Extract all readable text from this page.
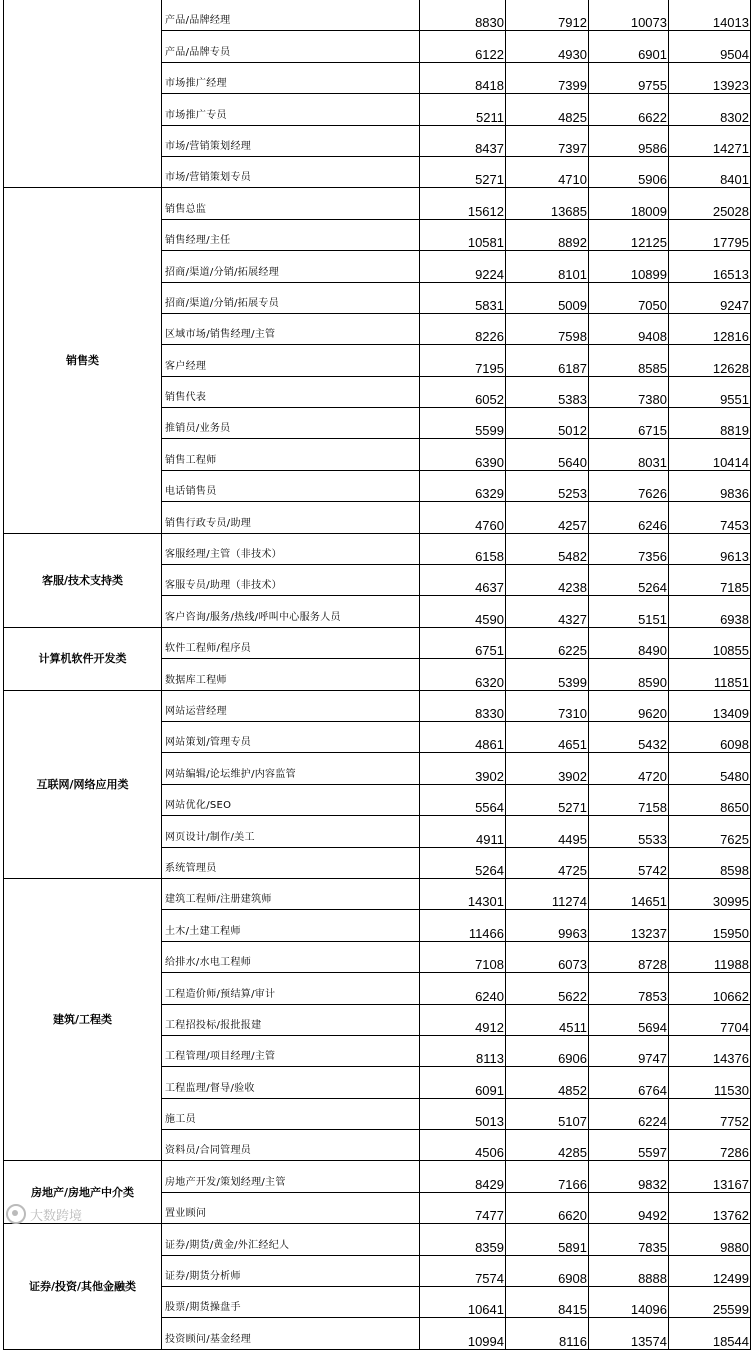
	产品/品牌经理	8830	7912	10073	14013
	产品/品牌专员	6122	4930	6901	9504
	市场推广经理	8418	7399	9755	13923
	市场推广专员	5211	4825	6622	8302
	市场/营销策划经理	8437	7397	9586	14271
	市场/营销策划专员	5271	4710	5906	8401
销售类	销售总监	15612	13685	18009	25028
	销售经理/主任	10581	8892	12125	17795
	招商/渠道/分销/拓展经理	9224	8101	10899	16513
	招商/渠道/分销/拓展专员	5831	5009	7050	9247
	区域市场/销售经理/主管	8226	7598	9408	12816
	客户经理	7195	6187	8585	12628
	销售代表	6052	5383	7380	9551
	推销员/业务员	5599	5012	6715	8819
	销售工程师	6390	5640	8031	10414
	电话销售员	6329	5253	7626	9836
	销售行政专员/助理	4760	4257	6246	7453
客服/技术支持类	客服经理/主管（非技术）	6158	5482	7356	9613
	客服专员/助理（非技术）	4637	4238	5264	7185
	客户咨询/服务/热线/呼叫中心服务人员	4590	4327	5151	6938
计算机软件开发类	软件工程师/程序员	6751	6225	8490	10855
	数据库工程师	6320	5399	8590	11851
互联网/网络应用类	网站运营经理	8330	7310	9620	13409
	网站策划/管理专员	4861	4651	5432	6098
	网站编辑/论坛维护/内容监管	3902	3902	4720	5480
	网站优化/SEO	5564	5271	7158	8650
	网页设计/制作/美工	4911	4495	5533	7625
	系统管理员	5264	4725	5742	8598
建筑/工程类	建筑工程师/注册建筑师	14301	11274	14651	30995
	土木/土建工程师	11466	9963	13237	15950
	给排水/水电工程师	7108	6073	8728	11988
	工程造价师/预结算/审计	6240	5622	7853	10662
	工程招投标/报批报建	4912	4511	5694	7704
	工程管理/项目经理/主管	8113	6906	9747	14376
	工程监理/督导/验收	6091	4852	6764	11530
	施工员	5013	5107	6224	7752
	资料员/合同管理员	4506	4285	5597	7286
房地产/房地产中介类	房地产开发/策划经理/主管	8429	7166	9832	13167
	置业顾问	7477	6620	9492	13762
证券/投资/其他金融类	证券/期货/黄金/外汇经纪人	8359	5891	7835	9880
	证券/期货分析师	7574	6908	8888	12499
	股票/期货操盘手	10641	8415	14096	25599
	投资顾问/基金经理	10994	8116	13574	18544
大数跨境
